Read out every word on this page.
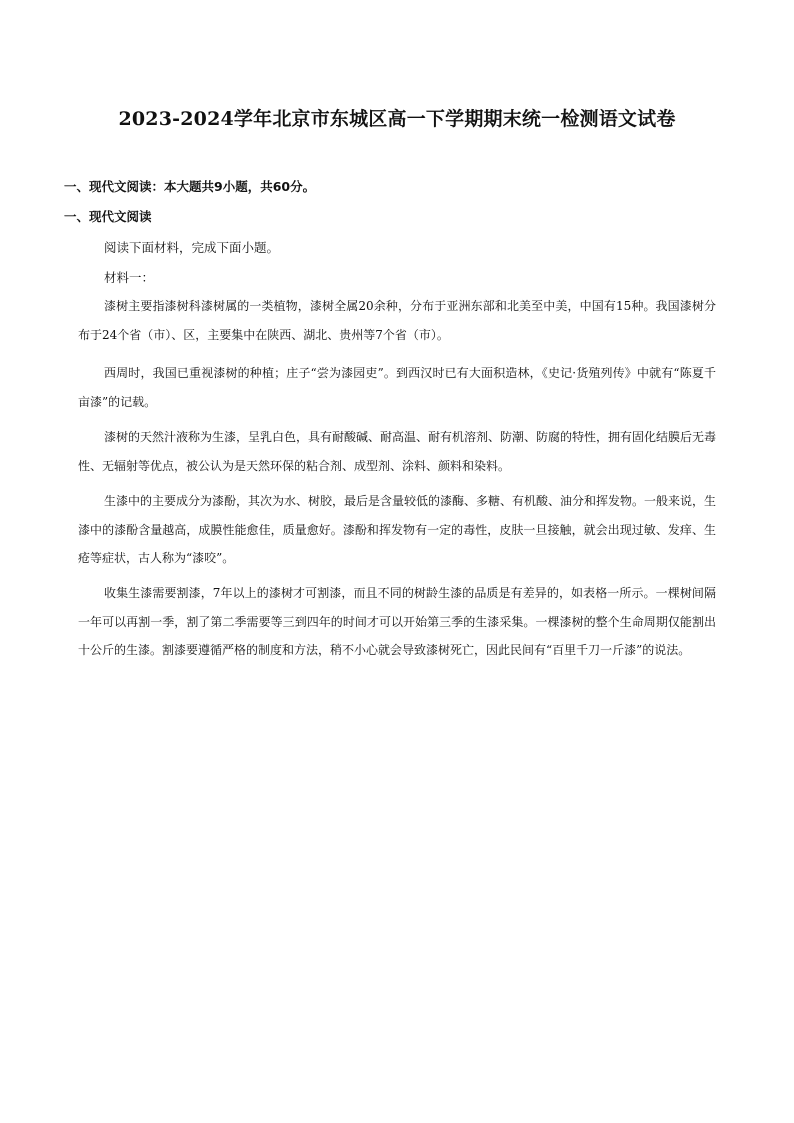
2023-2024学年北京市东城区高一下学期期末统一检测语文试卷

一、现代文阅读：本大题共9小题，共60分。

一、现代文阅读

阅读下面材料，完成下面小题。

材料一：

漆树主要指漆树科漆树属的一类植物，漆树全属20余种，分布于亚洲东部和北美至中美，中国有15种。我国漆树分布于24个省（市）、区，主要集中在陕西、湖北、贵州等7个省（市）。

西周时，我国已重视漆树的种植；庄子“尝为漆园吏”。到西汉时已有大面积造林，《史记·货殖列传》中就有“陈夏千亩漆”的记载。

漆树的天然汁液称为生漆，呈乳白色，具有耐酸碱、耐高温、耐有机溶剂、防潮、防腐的特性，拥有固化结膜后无毒性、无辐射等优点，被公认为是天然环保的粘合剂、成型剂、涂料、颜料和染料。

生漆中的主要成分为漆酚，其次为水、树胶，最后是含量较低的漆酶、多糖、有机酸、油分和挥发物。一般来说，生漆中的漆酚含量越高，成膜性能愈佳，质量愈好。漆酚和挥发物有一定的毒性，皮肤一旦接触，就会出现过敏、发痒、生疮等症状，古人称为“漆咬”。

收集生漆需要割漆，7年以上的漆树才可割漆，而且不同的树龄生漆的品质是有差异的，如表格一所示。一棵树间隔一年可以再割一季，割了第二季需要等三到四年的时间才可以开始第三季的生漆采集。一棵漆树的整个生命周期仅能割出十公斤的生漆。割漆要遵循严格的制度和方法，稍不小心就会导致漆树死亡，因此民间有“百里千刀一斤漆”的说法。
